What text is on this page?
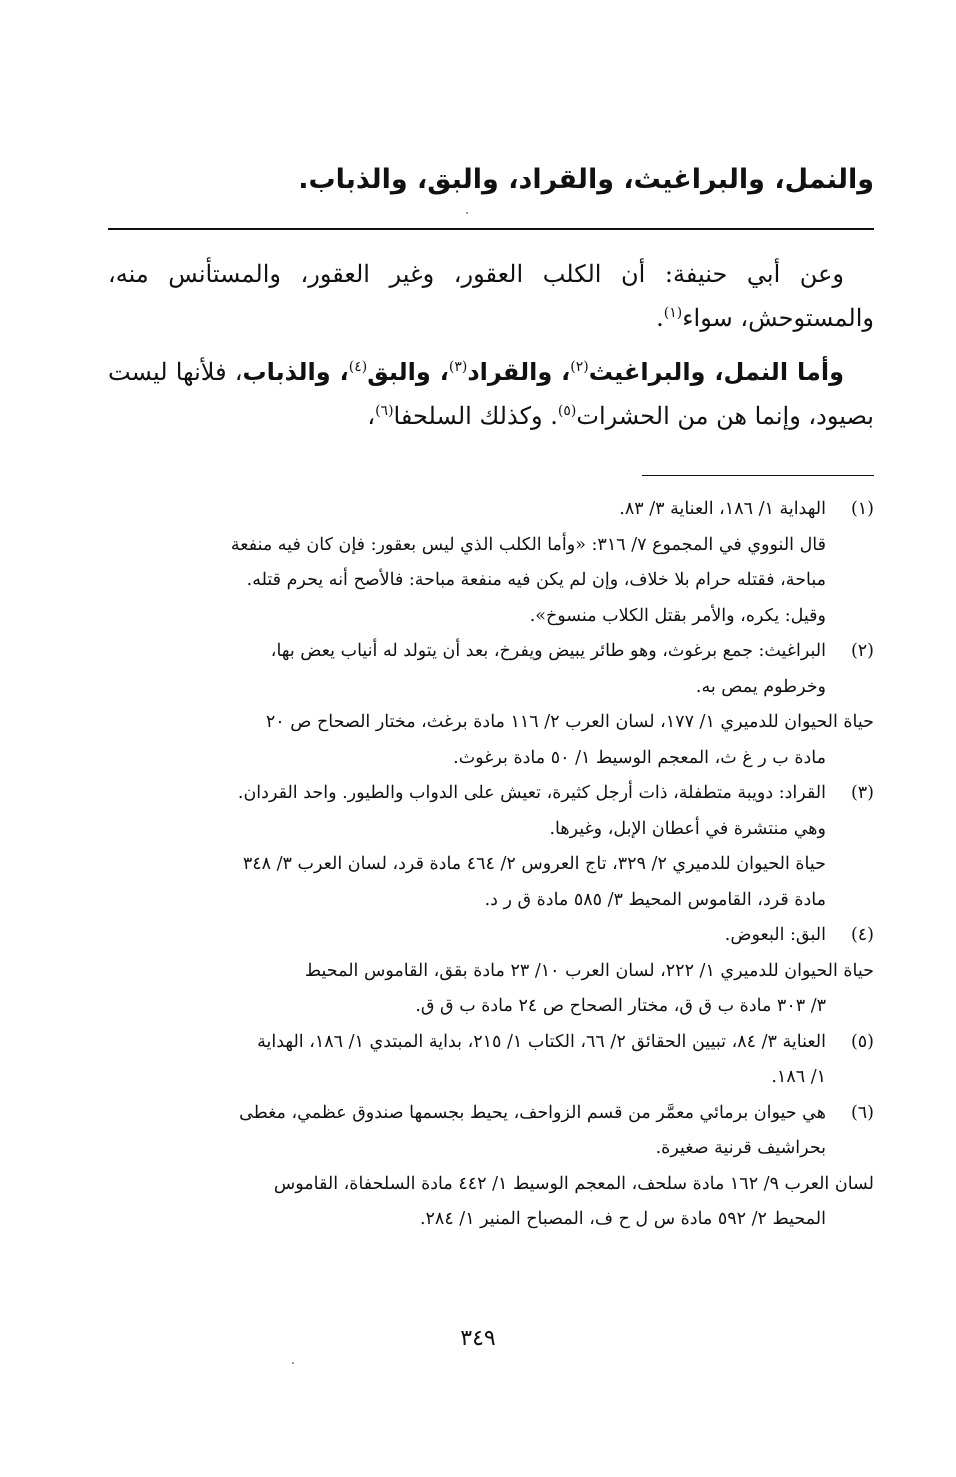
والنمل، والبراغيث، والقراد، والبق، والذباب.

وعن أبي حنيفة: أن الكلب العقور، وغير العقور، والمستأنس منه، والمستوحش، سواء$^{(١)}$.

وأما النمل، والبراغيث$^{(٢)}$، والقراد$^{(٣)}$، والبق$^{(٤)}$، والذباب، فلأنها ليست بصيود، وإنما هن من الحشرات$^{(٥)}$. وكذلك السلحفا$^{(٦)}$،

(١)
الهداية ١/ ١٨٦، العناية ٣/ ٨٣.
قال النووي في المجموع ٧/ ٣١٦: «وأما الكلب الذي ليس بعقور: فإن كان فيه منفعة
مباحة، فقتله حرام بلا خلاف، وإن لم يكن فيه منفعة مباحة: فالأصح أنه يحرم قتله.
وقيل: يكره، والأمر بقتل الكلاب منسوخ».
(٢)
البراغيث: جمع برغوث، وهو طائر يبيض ويفرخ، بعد أن يتولد له أنياب يعض بها،
وخرطوم يمص به.
حياة الحيوان للدميري ١/ ١٧٧، لسان العرب ٢/ ١١٦ مادة برغث، مختار الصحاح ص ٢٠
مادة ب ر غ ث، المعجم الوسيط ١/ ٥٠ مادة برغوث.
(٣)
القراد: دويبة متطفلة، ذات أرجل كثيرة، تعيش على الدواب والطيور. واحد القردان.
وهي منتشرة في أعطان الإبل، وغيرها.
حياة الحيوان للدميري ٢/ ٣٢٩، تاج العروس ٢/ ٤٦٤ مادة قرد، لسان العرب ٣/ ٣٤٨
مادة قرد، القاموس المحيط ٣/ ٥٨٥ مادة ق ر د.
(٤)
البق: البعوض.
حياة الحيوان للدميري ١/ ٢٢٢، لسان العرب ١٠/ ٢٣ مادة بقق، القاموس المحيط
٣/ ٣٠٣ مادة ب ق ق، مختار الصحاح ص ٢٤ مادة ب ق ق.
(٥)
العناية ٣/ ٨٤، تبيين الحقائق ٢/ ٦٦، الكتاب ١/ ٢١٥، بداية المبتدي ١/ ١٨٦، الهداية
١/ ١٨٦.
(٦)
هي حيوان برمائي معمَّر من قسم الزواحف، يحيط بجسمها صندوق عظمي، مغطى
بحراشيف قرنية صغيرة.
لسان العرب ٩/ ١٦٢ مادة سلحف، المعجم الوسيط ١/ ٤٤٢ مادة السلحفاة، القاموس
المحيط ٢/ ٥٩٢ مادة س ل ح ف، المصباح المنير ١/ ٢٨٤.
٣٤٩
